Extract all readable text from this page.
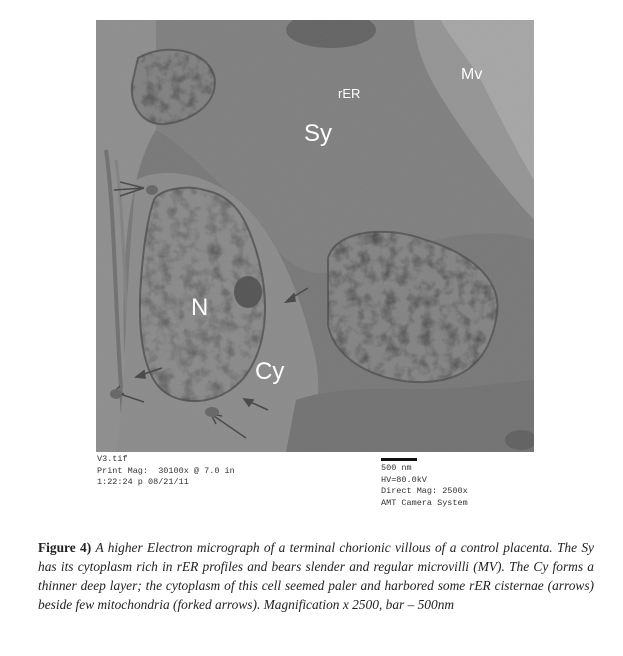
Mv
rER
Sy
N
Cy
V3.tif
Print Mag:  30100x @ 7.0 in
1:22:24 p 08/21/11
500 nm
HV=80.0kV
Direct Mag: 2500x
AMT Camera System
Figure 4) A higher Electron micrograph of a terminal chorionic villous of a control placenta. The Sy has its cytoplasm rich in rER profiles and bears slender and regular microvilli (MV). The Cy forms a thinner deep layer; the cytoplasm of this cell seemed paler and harbored some rER cisternae (arrows) beside few mitochondria (forked arrows). Magnification x 2500, bar – 500nm
